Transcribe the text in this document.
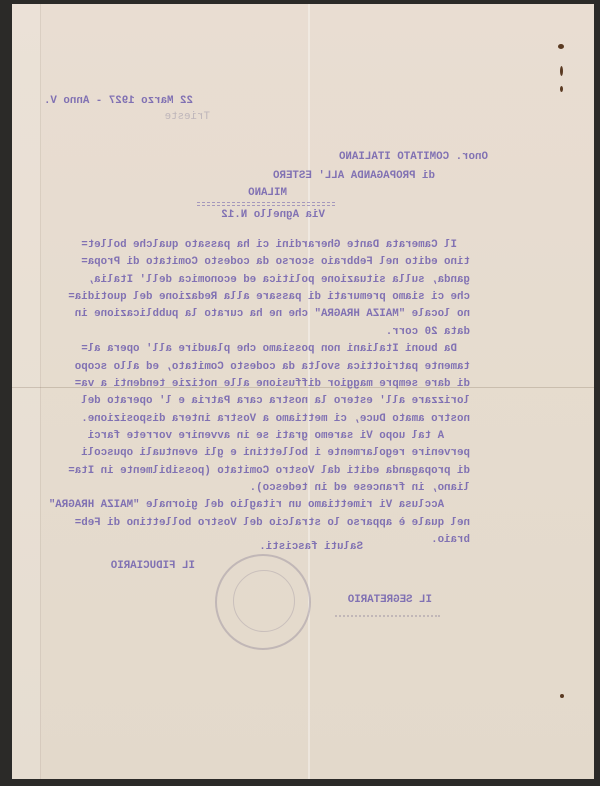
22 Marzo 1927 - Anno V.
Trieste
Onor. COMITATO ITALIANO
di PROPAGANDA ALL' ESTERO
MILANO
Via Agnello N.12
Il Camerata Dante Gherardini ci ha passato qualche bollet=
tino edito nel Febbraio scorso da codesto Comitato di Propa=
ganda, sulla situazione politica ed economica dell' Italia,
che ci siamo premurati di passare alla Redazione del quotidia=
no locale "MAIZA HRAGRA" che ne ha curato la pubblicazione in
data 20 corr.
Da buoni Italiani non possiamo che plaudire all' opera al=
tamente patriottica svolta da codesto Comitato, ed allo scopo
di dare sempre maggior diffusione alle notizie tendenti a va=
lorizzare all' estero la nostra cara Patria e l' operato del
nostro amato Duce, ci mettiamo a Vostra intera disposizione.
A tal uopo Vi saremo grati se in avvenire vorrete farci
pervenire regolarmente i bollettini e gli eventuali opuscoli
di propaganda editi dal Vostro Comitato (possibilmente in Ita=
liano, in francese ed in tedesco).
Acclusa Vi rimettiamo un ritaglio del giornale "MAIZA HRAGRA"
nel quale è apparso lo stralcio del Vostro bollettino di Feb=
braio.
Saluti fascisti.
IL FIDUCIARIO
IL SEGRETARIO
